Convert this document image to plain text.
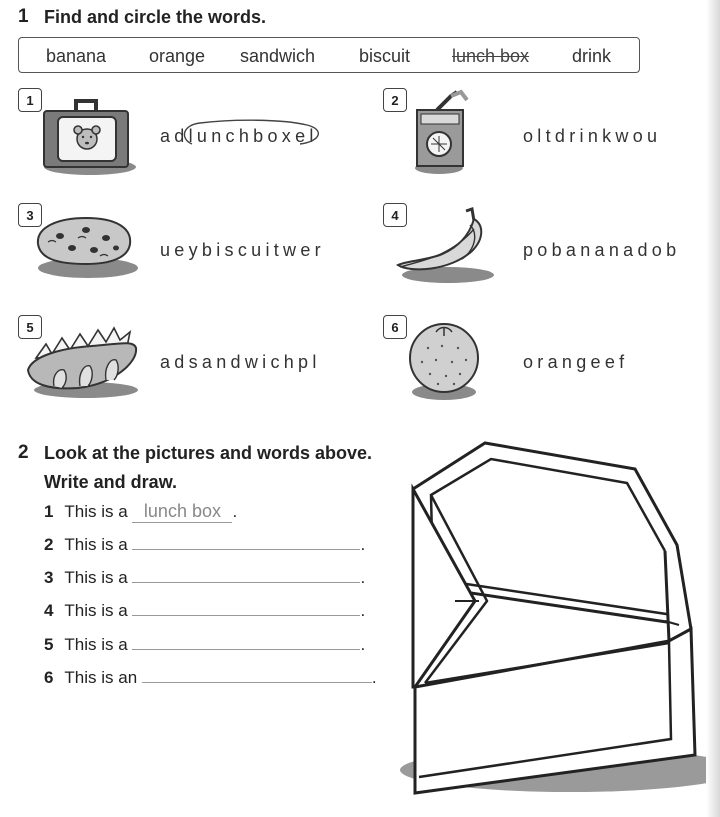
1 Find and circle the words.
banana orange sandwich biscuit lunch box drink
1
adlunchboxel
2
oltdrinkwou
3
ueybiscuitwer
4
pobananadob
5
adsandwichpl
6
orangeef
2 Look at the pictures and words above.
Write and draw.
1 This is a lunch box .
2 This is a	.
3 This is a	.
4 This is a	.
5 This is a	.
6 This is an	.
